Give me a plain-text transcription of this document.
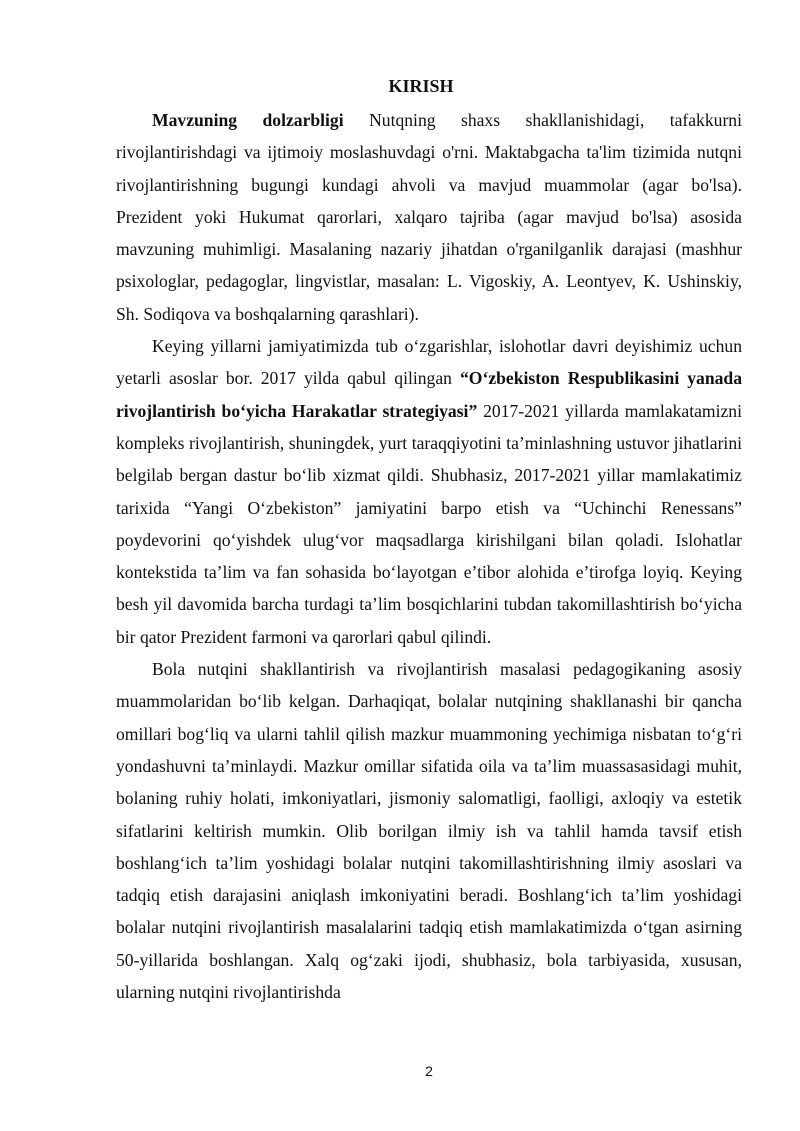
KIRISH

Mavzuning dolzarbligi Nutqning shaxs shakllanishidagi, tafakkurni rivojlantirishdagi va ijtimoiy moslashuvdagi o'rni. Maktabgacha ta'lim tizimida nutqni rivojlantirishning bugungi kundagi ahvoli va mavjud muammolar (agar bo'lsa). Prezident yoki Hukumat qarorlari, xalqaro tajriba (agar mavjud bo'lsa) asosida mavzuning muhimligi. Masalaning nazariy jihatdan o'rganilganlik darajasi (mashhur psixologlar, pedagoglar, lingvistlar, masalan: L. Vigoskiy, A. Leontyev, K. Ushinskiy, Sh. Sodiqova va boshqalarning qarashlari).

Keying yillarni jamiyatimizda tub o‘zgarishlar, islohotlar davri deyishimiz uchun yetarli asoslar bor. 2017 yilda qabul qilingan “O‘zbekiston Respublikasini yanada rivojlantirish bo‘yicha Harakatlar strategiyasi” 2017-2021 yillarda mamlakatamizni kompleks rivojlantirish, shuningdek, yurt taraqqiyotini ta’minlashning ustuvor jihatlarini belgilab bergan dastur bo‘lib xizmat qildi. Shubhasiz, 2017-2021 yillar mamlakatimiz tarixida “Yangi O‘zbekiston” jamiyatini barpo etish va “Uchinchi Renessans” poydevorini qo‘yishdek ulug‘vor maqsadlarga kirishilgani bilan qoladi. Islohatlar kontekstida ta’lim va fan sohasida bo‘layotgan e’tibor alohida e’tirofga loyiq. Keying besh yil davomida barcha turdagi ta’lim bosqichlarini tubdan takomillashtirish bo‘yicha bir qator Prezident farmoni va qarorlari qabul qilindi.

Bola nutqini shakllantirish va rivojlantirish masalasi pedagogikaning asosiy muammolaridan bo‘lib kelgan. Darhaqiqat, bolalar nutqining shakllanashi bir qancha omillari bog‘liq va ularni tahlil qilish mazkur muammoning yechimiga nisbatan to‘g‘ri yondashuvni ta’minlaydi. Mazkur omillar sifatida oila va ta’lim muassasasidagi muhit, bolaning ruhiy holati, imkoniyatlari, jismoniy salomatligi, faolligi, axloqiy va estetik sifatlarini keltirish mumkin. Olib borilgan ilmiy ish va tahlil hamda tavsif etish boshlang‘ich ta’lim yoshidagi bolalar nutqini takomillashtirishning ilmiy asoslari va tadqiq etish darajasini aniqlash imkoniyatini beradi. Boshlang‘ich ta’lim yoshidagi bolalar nutqini rivojlantirish masalalarini tadqiq etish mamlakatimizda o‘tgan asirning 50-yillarida boshlangan. Xalq og‘zaki ijodi, shubhasiz, bola tarbiyasida, xususan, ularning nutqini rivojlantirishda

2
